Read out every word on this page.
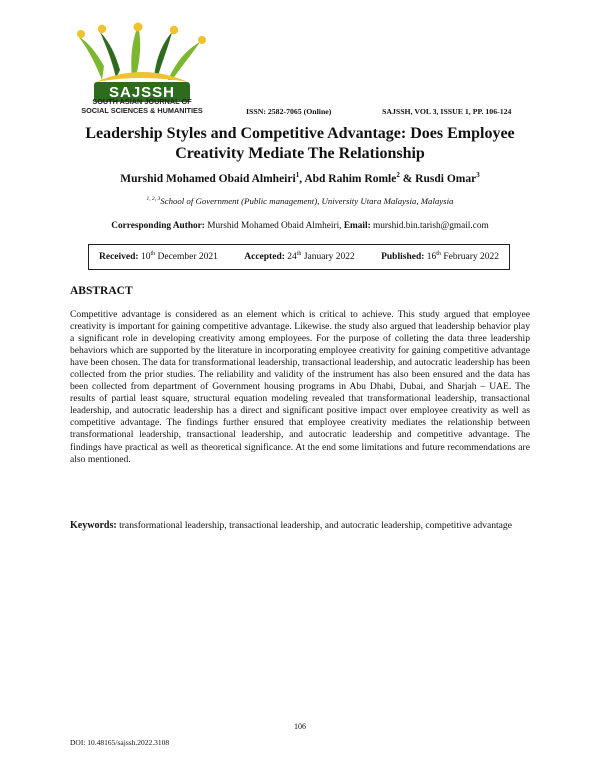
SAJSSH
SOUTH ASIAN JOURNAL OF
SOCIAL SCIENCES & HUMANITIES	ISSN: 2582-7065 (Online)	SAJSSH, VOL 3, ISSUE 1, PP. 106-124
Leadership Styles and Competitive Advantage: Does Employee
Creativity Mediate The Relationship
Murshid Mohamed Obaid Almheiri$^1$, Abd Rahim Romle$^2$ & Rusdi Omar$^3$
$^{1, 2, 3}$School of Government (Public management), University Utara Malaysia, Malaysia
Corresponding Author: Murshid Mohamed Obaid Almheiri, Email: murshid.bin.tarish@gmail.com
Received: 10th December 2021	Accepted: 24th January 2022	Published: 16th February 2022
ABSTRACT

Competitive advantage is considered as an element which is critical to achieve. This study argued that employee creativity is important for gaining competitive advantage. Likewise. the study also argued that leadership behavior play a significant role in developing creativity among employees. For the purpose of colleting the data three leadership behaviors which are supported by the literature in incorporating employee creativity for gaining competitive advantage have been chosen. The data for transformational leadership, transactional leadership, and autocratic leadership has been collected from the prior studies. The reliability and validity of the instrument has also been ensured and the data has been collected from department of Government housing programs in Abu Dhabi, Dubai, and Sharjah – UAE. The results of partial least square, structural equation modeling revealed that transformational leadership, transactional leadership, and autocratic leadership has a direct and significant positive impact over employee creativity as well as competitive advantage. The findings further ensured that employee creativity mediates the relationship between transformational leadership, transactional leadership, and autocratic leadership and competitive advantage. The findings have practical as well as theoretical significance. At the end some limitations and future recommendations are also mentioned.

Keywords: transformational leadership, transactional leadership, and autocratic leadership, competitive advantage

106
DOI: 10.48165/sajssh.2022.3108
